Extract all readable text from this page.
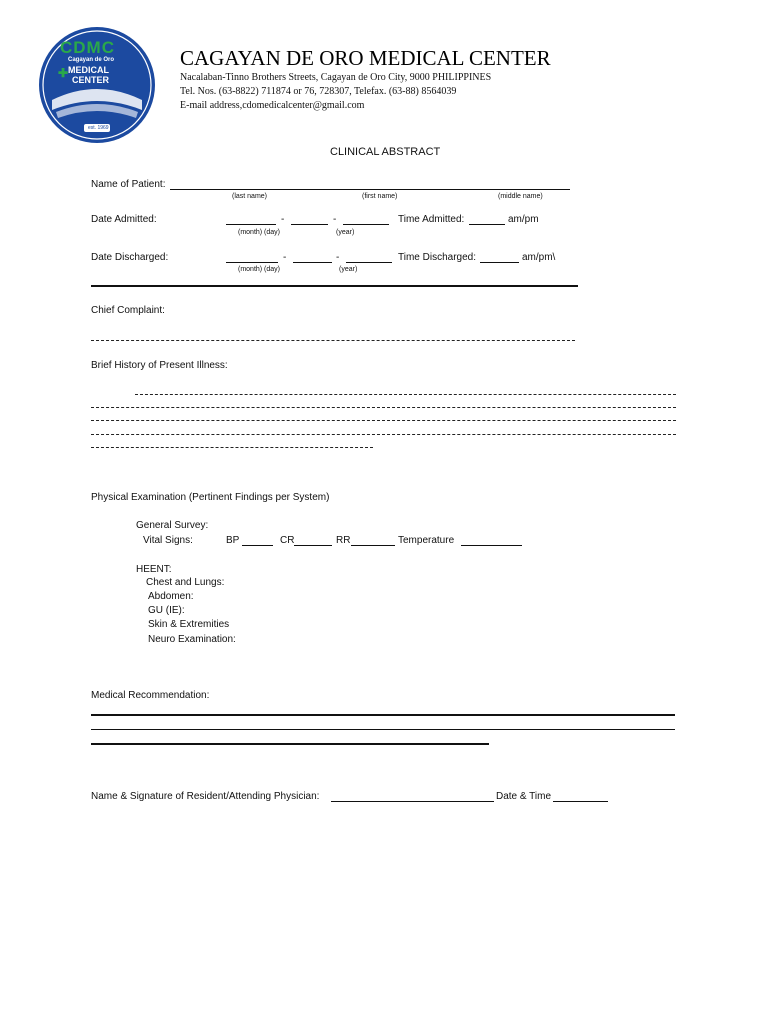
CDMC
Cagayan de Oro
MEDICAL
CENTER
✚
est. 1969
CAGAYAN DE ORO MEDICAL CENTER
Nacalaban-Tinno Brothers Streets, Cagayan de Oro City, 9000 PHILIPPINES
Tel. Nos. (63-8822) 711874 or 76, 728307, Telefax. (63-88) 8564039
E-mail address,cdomedicalcenter@gmail.com
CLINICAL ABSTRACT
Name of Patient:
(last name)	(first name)	(middle name)
Date Admitted:	-	-	Time Admitted:	am/pm
(month) (day)	(year)
Date Discharged:	-	-	Time Discharged:	am/pm\
(month) (day)	(year)
Chief Complaint:
Brief History of Present Illness:
Physical Examination (Pertinent Findings per System)
General Survey:
Vital Signs:	BP	CR	RR	Temperature
HEENT:
Chest and Lungs:
Abdomen:
GU (IE):
Skin & Extremities
Neuro Examination:
Medical Recommendation:
Name & Signature of Resident/Attending Physician:	Date & Time
